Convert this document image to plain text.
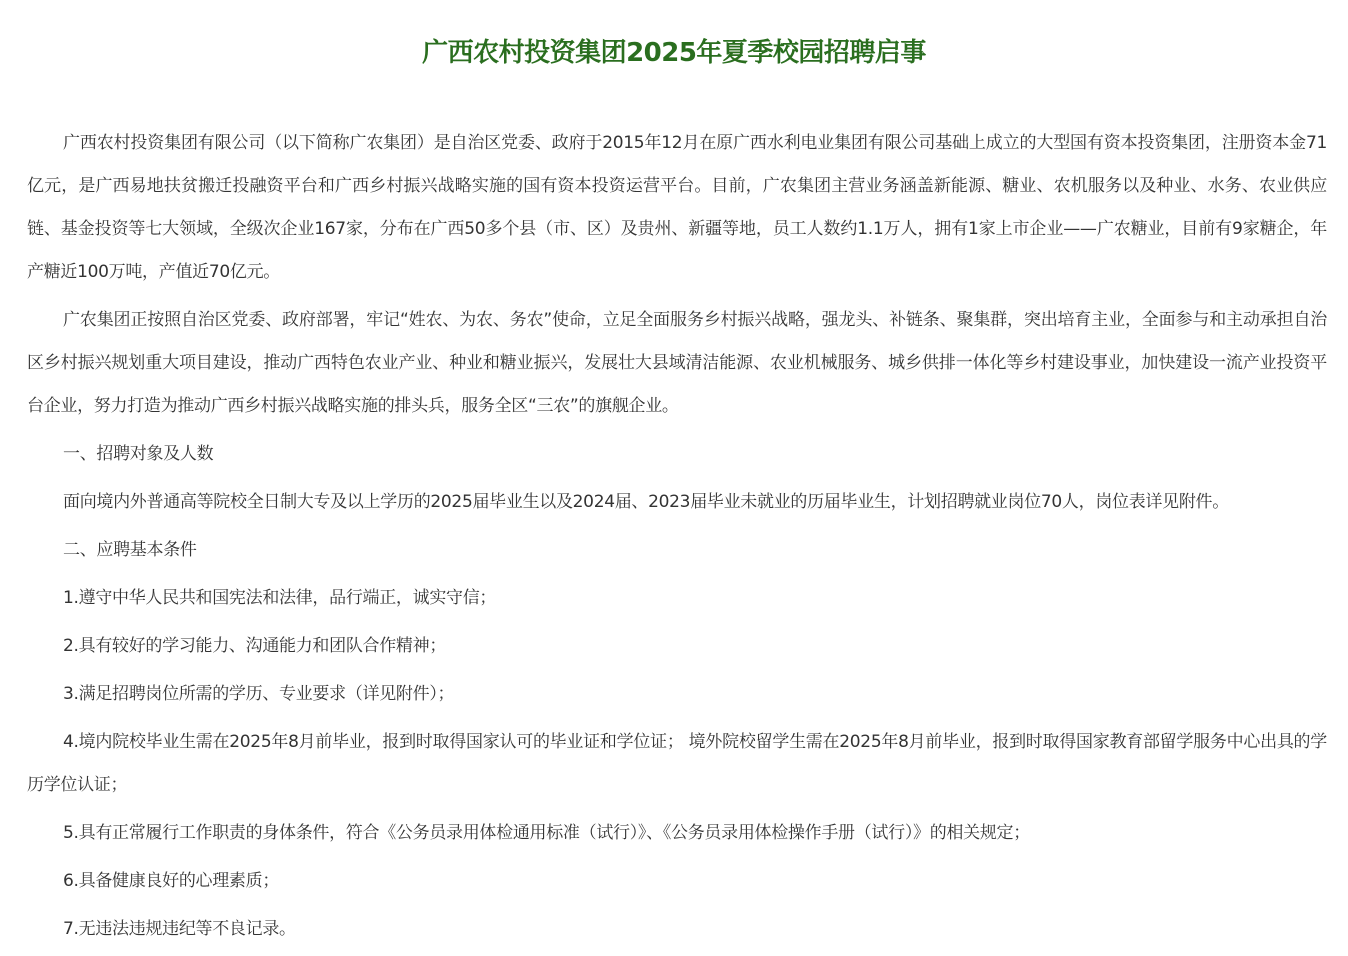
广西农村投资集团2025年夏季校园招聘启事

广西农村投资集团有限公司（以下简称广农集团）是自治区党委、政府于2015年12月在原广西水利电业集团有限公司基础上成立的大型国有资本投资集团，注册资本金71亿元，是广西易地扶贫搬迁投融资平台和广西乡村振兴战略实施的国有资本投资运营平台。目前，广农集团主营业务涵盖新能源、糖业、农机服务以及种业、水务、农业供应链、基金投资等七大领域，全级次企业167家，分布在广西50多个县（市、区）及贵州、新疆等地，员工人数约1.1万人，拥有1家上市企业——广农糖业，目前有9家糖企，年产糖近100万吨，产值近70亿元。

广农集团正按照自治区党委、政府部署，牢记“姓农、为农、务农”使命，立足全面服务乡村振兴战略，强龙头、补链条、聚集群，突出培育主业，全面参与和主动承担自治区乡村振兴规划重大项目建设，推动广西特色农业产业、种业和糖业振兴，发展壮大县域清洁能源、农业机械服务、城乡供排一体化等乡村建设事业，加快建设一流产业投资平台企业，努力打造为推动广西乡村振兴战略实施的排头兵，服务全区“三农”的旗舰企业。

一、招聘对象及人数

面向境内外普通高等院校全日制大专及以上学历的2025届毕业生以及2024届、2023届毕业未就业的历届毕业生，计划招聘就业岗位70人，岗位表详见附件。

二、应聘基本条件

1.遵守中华人民共和国宪法和法律，品行端正，诚实守信；

2.具有较好的学习能力、沟通能力和团队合作精神；

3.满足招聘岗位所需的学历、专业要求（详见附件）；

4.境内院校毕业生需在2025年8月前毕业，报到时取得国家认可的毕业证和学位证； 境外院校留学生需在2025年8月前毕业，报到时取得国家教育部留学服务中心出具的学历学位认证；

5.具有正常履行工作职责的身体条件，符合《公务员录用体检通用标准（试行）》、《公务员录用体检操作手册（试行）》的相关规定；

6.具备健康良好的心理素质；

7.无违法违规违纪等不良记录。
